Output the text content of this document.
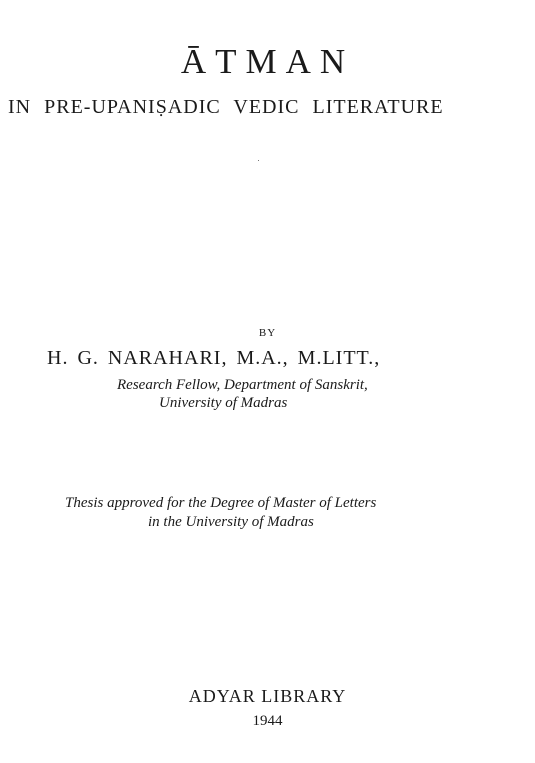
ĀTMAN
IN PRE-UPANIṢADIC VEDIC LITERATURE
BY
H. G. NARAHARI, M.A., M.LITT.,
Research Fellow, Department of Sanskrit,
University of Madras
Thesis approved for the Degree of Master of Letters
in the University of Madras
ADYAR LIBRARY
1944
